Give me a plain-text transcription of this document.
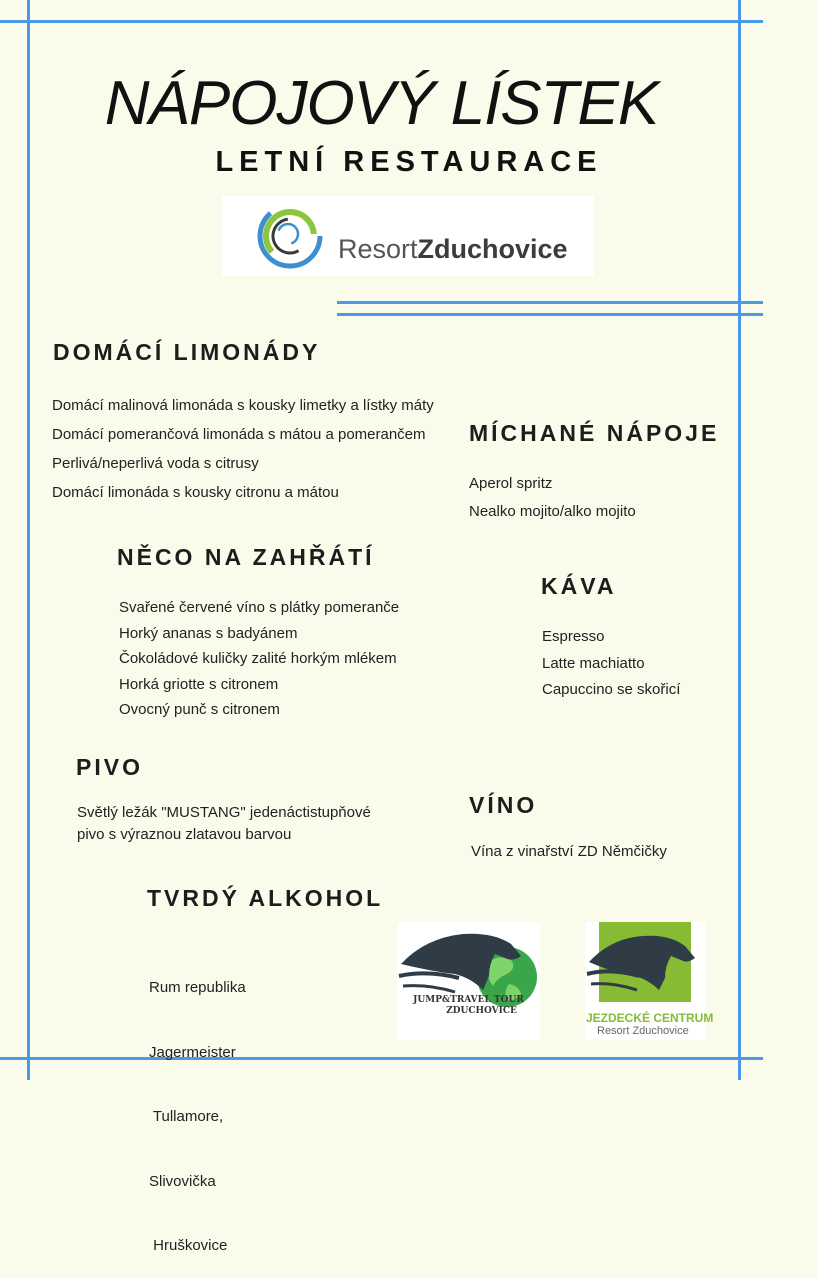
NÁPOJOVÝ LÍSTEK
LETNÍ RESTAURACE
ResortZduchovice
DOMÁCÍ LIMONÁDY
Domácí malinová limonáda s kousky limetky a lístky máty
Domácí pomerančová limonáda s mátou a pomerančem
Perlivá/neperlivá voda s citrusy
Domácí limonáda s kousky citronu a mátou
MÍCHANÉ NÁPOJE
Aperol spritz
Nealko mojito/alko mojito
NĚCO NA ZAHŘÁTÍ
Svařené červené víno s plátky pomeranče
Horký ananas s badyánem
Čokoládové kuličky zalité horkým mlékem
Horká griotte s citronem
Ovocný punč s citronem
KÁVA
Espresso
Latte machiatto
Capuccino se skořicí
PIVO
Světlý ležák "MUSTANG" jedenáctistupňové
pivo s výraznou zlatavou barvou
VÍNO
Vína z vinařství ZD Němčičky
TVRDÝ ALKOHOL

Rum republika

Jagermeister

Tullamore,

Slivovička

Hruškovice

JUMP&TRAVEL TOUR
ZDUCHOVICE	JEZDECKÉ CENTRUM
Resort Zduchovice
